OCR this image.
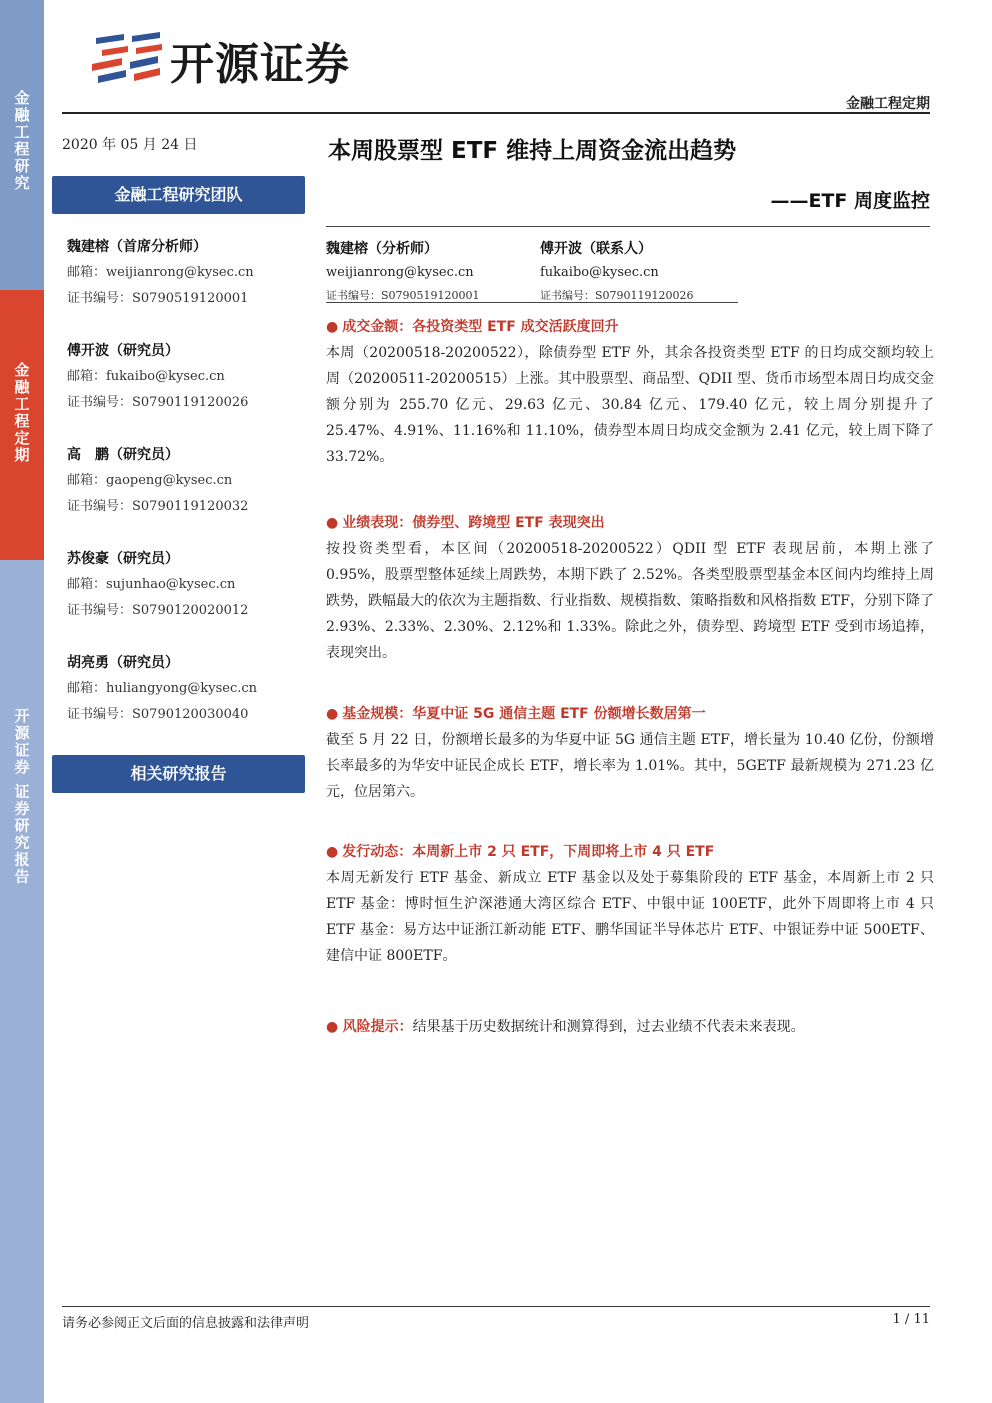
金融工程研究
金融工程定期
开源证券 证券研究报告
开源证券
金融工程定期
2020 年 05 月 24 日
金融工程研究团队
魏建榕（首席分析师）
邮箱：weijianrong@kysec.cn
证书编号：S0790519120001
傅开波（研究员）
邮箱：fukaibo@kysec.cn
证书编号：S0790119120026
高　鹏（研究员）
邮箱：gaopeng@kysec.cn
证书编号：S0790119120032
苏俊豪（研究员）
邮箱：sujunhao@kysec.cn
证书编号：S0790120020012
胡亮勇（研究员）
邮箱：huliangyong@kysec.cn
证书编号：S0790120030040
相关研究报告
本周股票型 ETF 维持上周资金流出趋势
——ETF 周度监控
魏建榕（分析师）
weijianrong@kysec.cn
证书编号：S0790519120001
傅开波（联系人）
fukaibo@kysec.cn
证书编号：S0790119120026
● 成交金额：各投资类型 ETF 成交活跃度回升
本周（20200518-20200522），除债券型 ETF 外，其余各投资类型 ETF 的日均成交额均较上周（20200511-20200515）上涨。其中股票型、商品型、QDII 型、货币市场型本周日均成交金额分别为 255.70 亿元、29.63 亿元、30.84 亿元、179.40 亿元，较上周分别提升了 25.47%、4.91%、11.16%和 11.10%，债券型本周日均成交金额为 2.41 亿元，较上周下降了 33.72%。
● 业绩表现：债券型、跨境型 ETF 表现突出
按投资类型看，本区间（20200518-20200522）QDII 型 ETF 表现居前，本期上涨了 0.95%，股票型整体延续上周跌势，本期下跌了 2.52%。各类型股票型基金本区间内均维持上周跌势，跌幅最大的依次为主题指数、行业指数、规模指数、策略指数和风格指数 ETF，分别下降了 2.93%、2.33%、2.30%、2.12%和 1.33%。除此之外，债券型、跨境型 ETF 受到市场追捧，表现突出。
● 基金规模：华夏中证 5G 通信主题 ETF 份额增长数居第一
截至 5 月 22 日，份额增长最多的为华夏中证 5G 通信主题 ETF，增长量为 10.40 亿份，份额增长率最多的为华安中证民企成长 ETF，增长率为 1.01%。其中，5GETF 最新规模为 271.23 亿元，位居第六。
● 发行动态：本周新上市 2 只 ETF，下周即将上市 4 只 ETF
本周无新发行 ETF 基金、新成立 ETF 基金以及处于募集阶段的 ETF 基金，本周新上市 2 只 ETF 基金：博时恒生沪深港通大湾区综合 ETF、中银中证 100ETF，此外下周即将上市 4 只 ETF 基金：易方达中证浙江新动能 ETF、鹏华国证半导体芯片 ETF、中银证券中证 500ETF、建信中证 800ETF。
● 风险提示：结果基于历史数据统计和测算得到，过去业绩不代表未来表现。
请务必参阅正文后面的信息披露和法律声明	1 / 11
